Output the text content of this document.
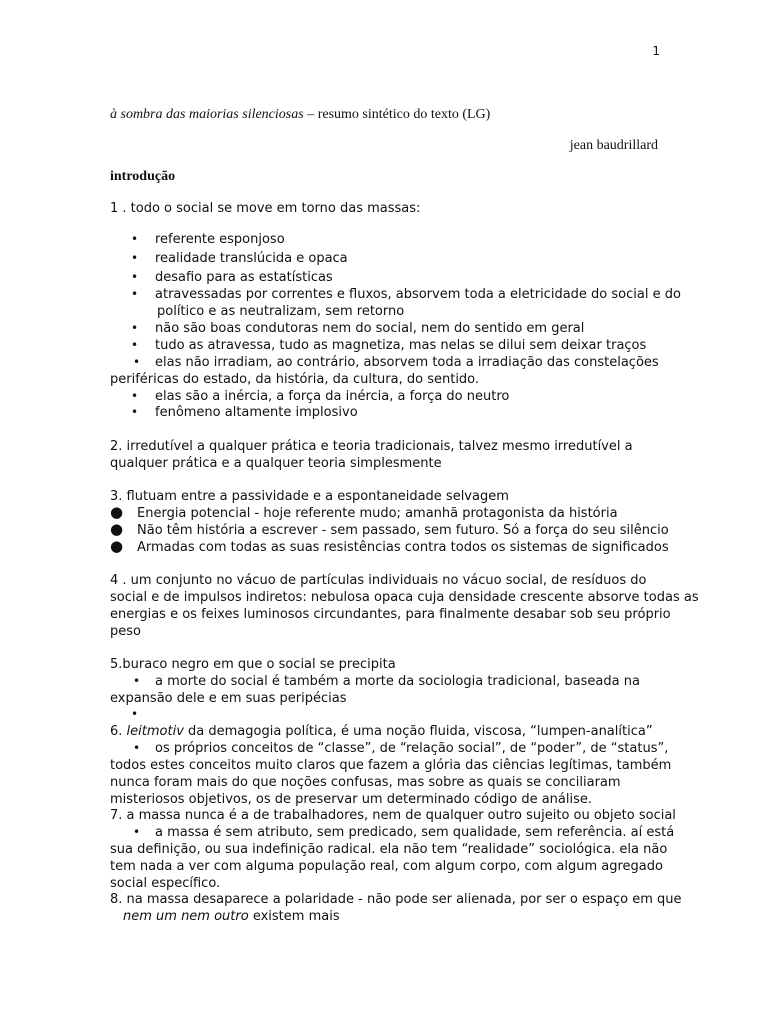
1
à sombra das maiorias silenciosas – resumo sintético do texto (LG)
jean baudrillard
introdução
1 . todo o social se move em torno das massas:
• referente esponjoso
• realidade translúcida e opaca
• desafio para as estatísticas
• atravessadas por correntes e fluxos, absorvem toda a eletricidade do social e do
político e as neutralizam, sem retorno
• não são boas condutoras nem do social, nem do sentido em geral
• tudo as atravessa, tudo as magnetiza, mas nelas se dilui sem deixar traços
• elas não irradiam, ao contrário, absorvem toda a irradiação das constelações
periféricas do estado, da história, da cultura, do sentido.
• elas são a inércia, a força da inércia, a força do neutro
• fenômeno altamente implosivo
2. irredutível a qualquer prática e teoria tradicionais, talvez mesmo irredutível a
qualquer prática e a qualquer teoria simplesmente
3. flutuam entre a passividade e a espontaneidade selvagem
● Energia potencial - hoje referente mudo; amanhã protagonista da história
● Não têm história a escrever - sem passado, sem futuro. Só a força do seu silêncio
● Armadas com todas as suas resistências contra todos os sistemas de significados
4 . um conjunto no vácuo de partículas individuais no vácuo social, de resíduos do
social e de impulsos indiretos: nebulosa opaca cuja densidade crescente absorve todas as
energias e os feixes luminosos circundantes, para finalmente desabar sob seu próprio
peso
5.buraco negro em que o social se precipita
• a morte do social é também a morte da sociologia tradicional, baseada na
expansão dele e em suas peripécias
•
6. leitmotiv da demagogia política, é uma noção fluida, viscosa, “lumpen-analítica”
• os próprios conceitos de “classe”, de “relação social”, de “poder”, de “status”,
todos estes conceitos muito claros que fazem a glória das ciências legítimas, também
nunca foram mais do que noções confusas, mas sobre as quais se conciliaram
misteriosos objetivos, os de preservar um determinado código de análise.
7. a massa nunca é a de trabalhadores, nem de qualquer outro sujeito ou objeto social
• a massa é sem atributo, sem predicado, sem qualidade, sem referência. aí está
sua definição, ou sua indefinição radical. ela não tem “realidade” sociológica. ela não
tem nada a ver com alguma população real, com algum corpo, com algum agregado
social específico.
8. na massa desaparece a polaridade - não pode ser alienada, por ser o espaço em que
nem um nem outro existem mais
